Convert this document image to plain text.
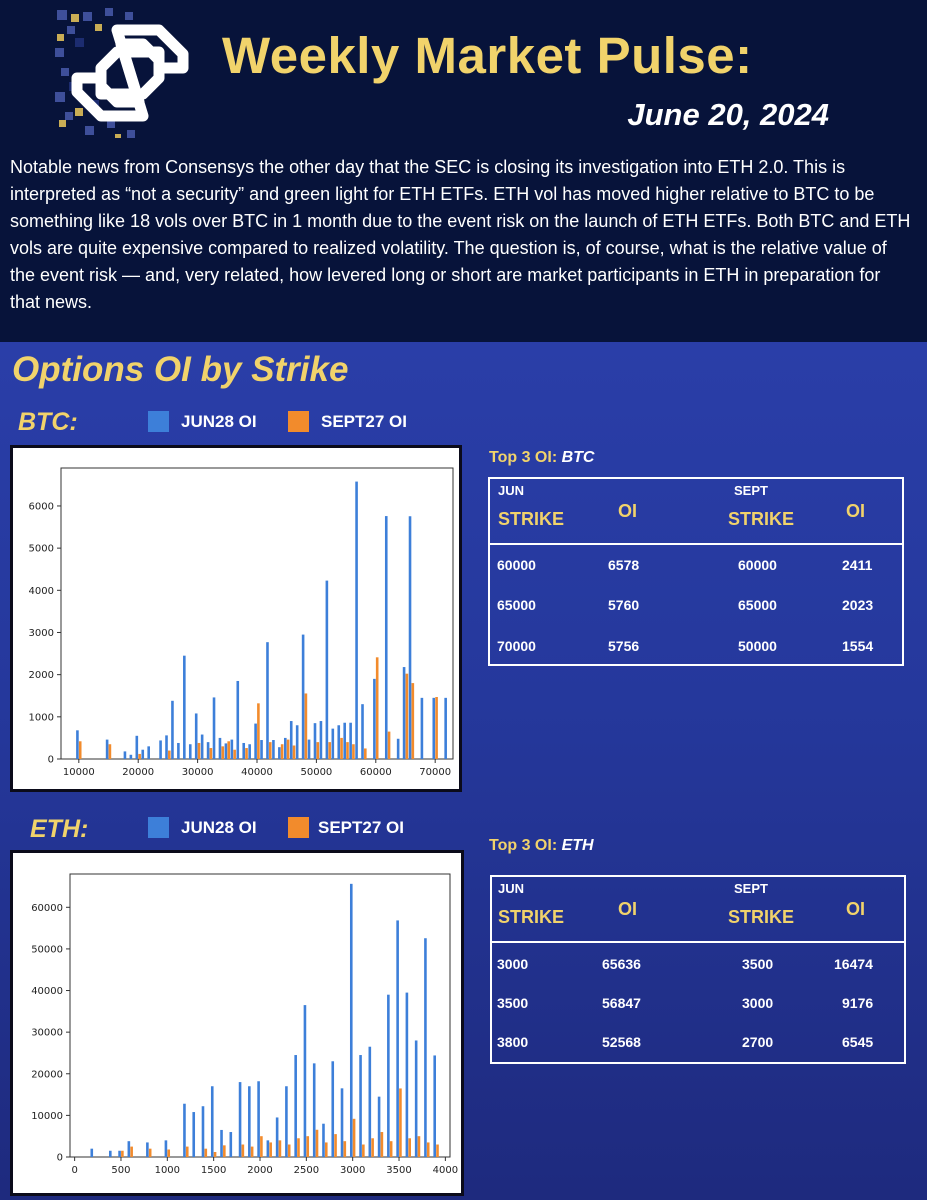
Weekly Market Pulse:
June 20, 2024

Notable news from Consensys the other day that the SEC is closing its investigation into ETH 2.0. This is interpreted as “not a security” and green light for ETH ETFs. ETH vol has moved higher relative to BTC to be something like 18 vols over BTC in 1 month due to the event risk on the launch of ETH ETFs. Both BTC and ETH vols are quite expensive compared to realized volatility. The question is, of course, what is the relative value of the event risk — and, very related, how levered long or short are market participants in ETH in preparation for that news.

Options OI by Strike
BTC:	JUN28 OI	SEPT27 OI
0
1000
2000
3000
4000
5000
6000
10000	20000	30000	40000	50000	60000	70000
Top 3 OI: BTC
JUN	SEPT
STRIKE	OI	STRIKE	OI
60000	6578	60000	2411
65000	5760	65000	2023
70000	5756	50000	1554
ETH:	JUN28 OI	SEPT27 OI
0
10000
20000
30000
40000
50000
60000
0	500 1000 1500 2000 2500 3000 3500 4000
Top 3 OI: ETH
JUN	SEPT
STRIKE	OI	STRIKE	OI
3000	65636	3500	16474
3500	56847	3000	9176
3800	52568	2700	6545
